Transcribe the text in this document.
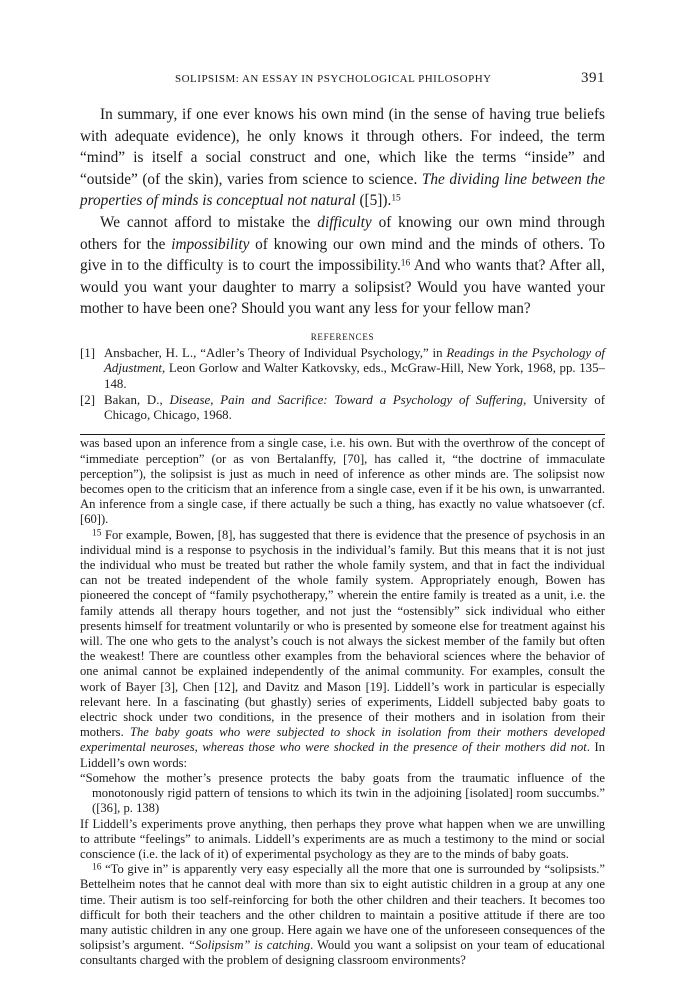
SOLIPSISM: AN ESSAY IN PSYCHOLOGICAL PHILOSOPHY	391

In summary, if one ever knows his own mind (in the sense of having true beliefs with adequate evidence), he only knows it through others. For indeed, the term “mind” is itself a social construct and one, which like the terms “inside” and “outside” (of the skin), varies from science to science. The dividing line between the properties of minds is conceptual not natural ([5]).$^{15}$

We cannot afford to mistake the difficulty of knowing our own mind through others for the impossibility of knowing our own mind and the minds of others. To give in to the difficulty is to court the impossibility.$^{16}$ And who wants that? After all, would you want your daughter to marry a solipsist? Would you have wanted your mother to have been one? Should you want any less for your fellow man?

REFERENCES
[1] Ansbacher, H. L., “Adler’s Theory of Individual Psychology,” in Readings in the Psychology of Adjustment, Leon Gorlow and Walter Katkovsky, eds., McGraw-Hill, New York, 1968, pp. 135–148.
[2] Bakan, D., Disease, Pain and Sacrifice: Toward a Psychology of Suffering, University of Chicago, Chicago, 1968.

was based upon an inference from a single case, i.e. his own. But with the overthrow of the concept of “immediate perception” (or as von Bertalanffy, [70], has called it, “the doctrine of immaculate perception”), the solipsist is just as much in need of inference as other minds are. The solipsist now becomes open to the criticism that an inference from a single case, even if it be his own, is unwarranted. An inference from a single case, if there actually be such a thing, has exactly no value whatsoever (cf. [60]).

$^{15}$ For example, Bowen, [8], has suggested that there is evidence that the presence of psychosis in an individual mind is a response to psychosis in the individual’s family. But this means that it is not just the individual who must be treated but rather the whole family system, and that in fact the individual can not be treated independent of the whole family system. Appropriately enough, Bowen has pioneered the concept of “family psychotherapy,” wherein the entire family is treated as a unit, i.e. the family attends all therapy hours together, and not just the “ostensibly” sick individual who either presents himself for treatment voluntarily or who is presented by someone else for treatment against his will. The one who gets to the analyst’s couch is not always the sickest member of the family but often the weakest! There are countless other examples from the behavioral sciences where the behavior of one animal cannot be explained independently of the animal community. For examples, consult the work of Bayer [3], Chen [12], and Davitz and Mason [19]. Liddell’s work in particular is especially relevant here. In a fascinating (but ghastly) series of experiments, Liddell subjected baby goats to electric shock under two conditions, in the presence of their mothers and in isolation from their mothers. The baby goats who were subjected to shock in isolation from their mothers developed experimental neuroses, whereas those who were shocked in the presence of their mothers did not. In Liddell’s own words:

“Somehow the mother’s presence protects the baby goats from the traumatic influence of the monotonously rigid pattern of tensions to which its twin in the adjoining [isolated] room succumbs.” ([36], p. 138)

If Liddell’s experiments prove anything, then perhaps they prove what happen when we are unwilling to attribute “feelings” to animals. Liddell’s experiments are as much a testimony to the mind or social conscience (i.e. the lack of it) of experimental psychology as they are to the minds of baby goats.

$^{16}$ “To give in” is apparently very easy especially all the more that one is surrounded by “solipsists.” Bettelheim notes that he cannot deal with more than six to eight autistic children in a group at any one time. Their autism is too self-reinforcing for both the other children and their teachers. It becomes too difficult for both their teachers and the other children to maintain a positive attitude if there are too many autistic children in any one group. Here again we have one of the unforeseen consequences of the solipsist’s argument. “Solipsism” is catching. Would you want a solipsist on your team of educational consultants charged with the problem of designing classroom environments?
